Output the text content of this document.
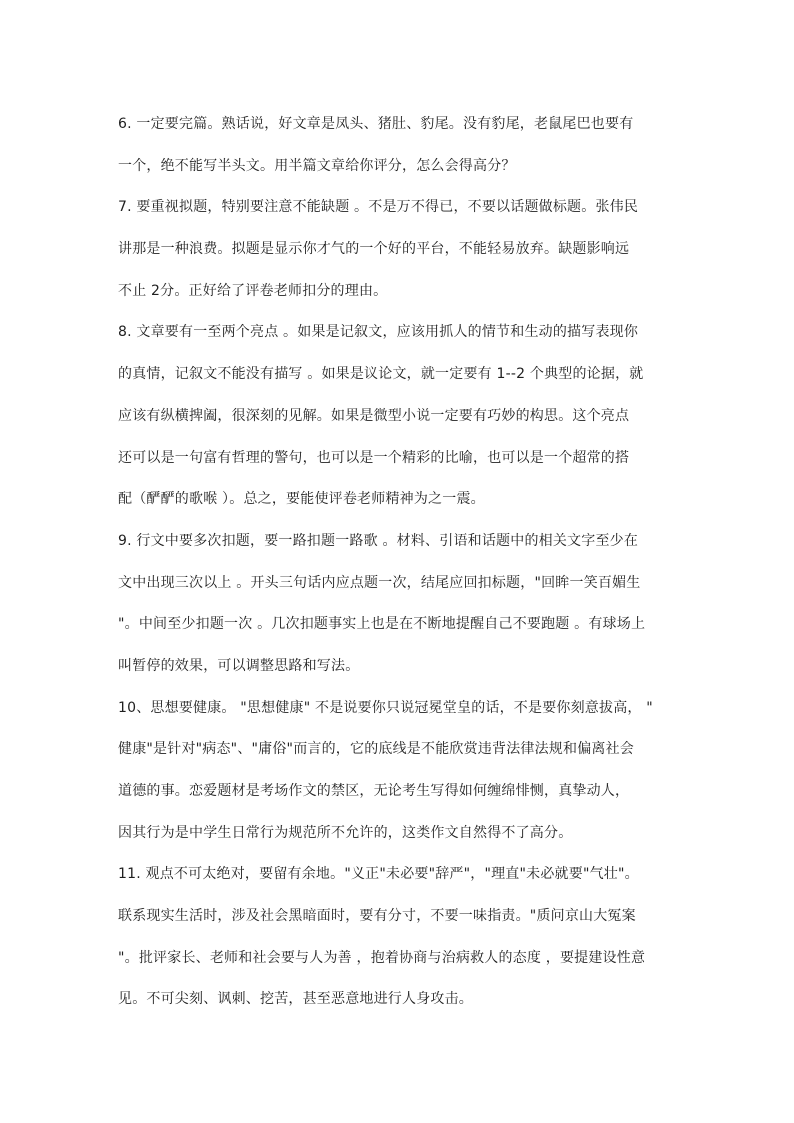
6. 一定要完篇。熟话说，好文章是凤头、猪肚、豹尾。没有豹尾，老鼠尾巴也要有
一个，绝不能写半头文。用半篇文章给你评分，怎么会得高分？
7. 要重视拟题，特别要注意不能缺题 。不是万不得已，不要以话题做标题。张伟民
讲那是一种浪费。拟题是显示你才气的一个好的平台，不能轻易放弃。缺题影响远
不止 2分。正好给了评卷老师扣分的理由。
8. 文章要有一至两个亮点 。如果是记叙文，应该用抓人的情节和生动的描写表现你
的真情，记叙文不能没有描写 。如果是议论文，就一定要有 1--2 个典型的论据，就
应该有纵横捭阖，很深刻的见解。如果是微型小说一定要有巧妙的构思。这个亮点
还可以是一句富有哲理的警句，也可以是一个精彩的比喻，也可以是一个超常的搭
配（酽酽的歌喉 ）。总之，要能使评卷老师精神为之一震。
9. 行文中要多次扣题，要一路扣题一路歌 。材料、引语和话题中的相关文字至少在
文中出现三次以上 。开头三句话内应点题一次，结尾应回扣标题，"回眸一笑百媚生
"。中间至少扣题一次 。几次扣题事实上也是在不断地提醒自己不要跑题 。有球场上
叫暂停的效果，可以调整思路和写法。
10、思想要健康。 "思想健康" 不是说要你只说冠冕堂皇的话，不是要你刻意拔高， "
健康"是针对"病态"、"庸俗"而言的，它的底线是不能欣赏违背法律法规和偏离社会
道德的事。恋爱题材是考场作文的禁区，无论考生写得如何缠绵悱恻，真挚动人，
因其行为是中学生日常行为规范所不允许的，这类作文自然得不了高分。
11. 观点不可太绝对，要留有余地。"义正"未必要"辞严"，"理直"未必就要"气壮"。
联系现实生活时，涉及社会黑暗面时，要有分寸，不要一味指责。"质问京山大冤案
"。批评家长、老师和社会要与人为善 ，抱着协商与治病救人的态度 ，要提建设性意
见。不可尖刻、讽刺、挖苦，甚至恶意地进行人身攻击。
